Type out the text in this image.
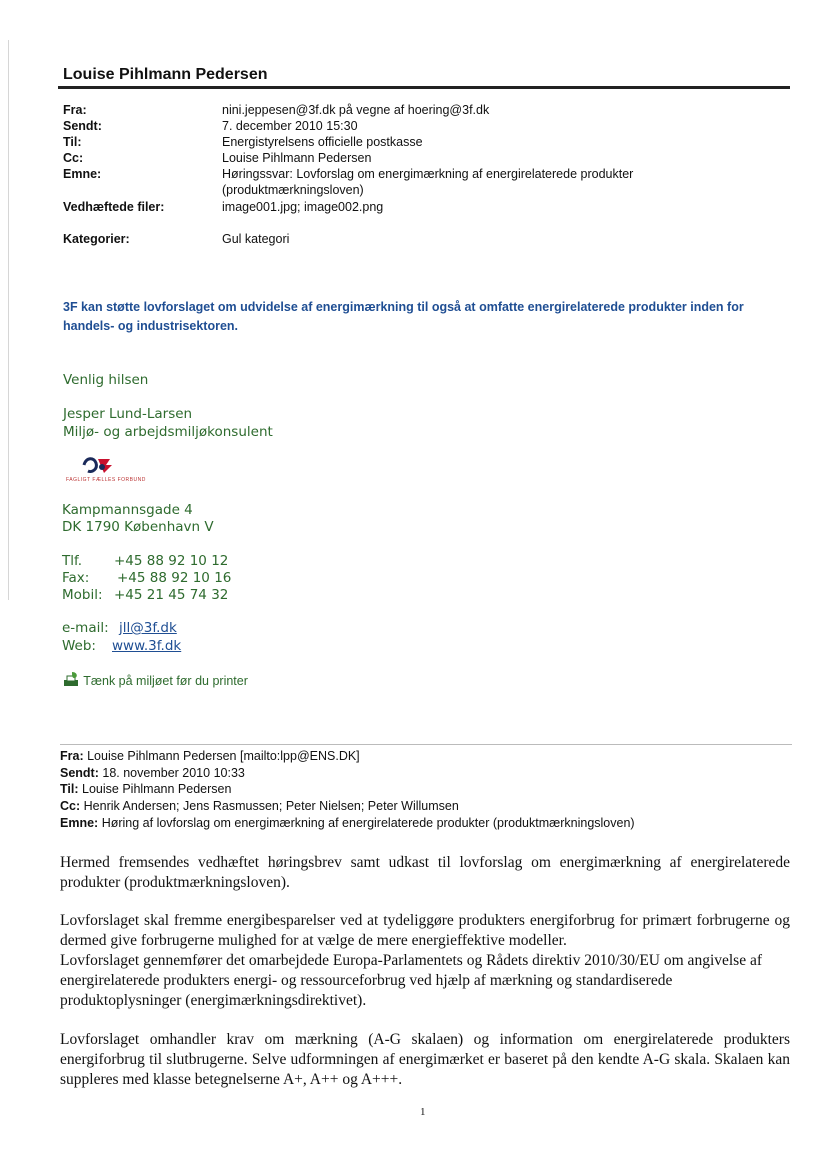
Louise Pihlmann Pedersen
Fra:	nini.jeppesen@3f.dk på vegne af hoering@3f.dk
Sendt:	7. december 2010 15:30
Til:	Energistyrelsens officielle postkasse
Cc:	Louise Pihlmann Pedersen
Emne:	Høringssvar: Lovforslag om energimærkning af energirelaterede produkter
(produktmærkningsloven)
Vedhæftede filer:	image001.jpg; image002.png
Kategorier:	Gul kategori
3F kan støtte lovforslaget om udvidelse af energimærkning til også at omfatte energirelaterede produkter inden for handels- og industrisektoren.
Venlig hilsen
Jesper Lund-Larsen
Miljø- og arbejdsmiljøkonsulent
FAGLIGT FÆLLES FORBUND
Kampmannsgade 4
DK 1790 København V
Tlf. +45 88 92 10 12
Fax: +45 88 92 10 16
Mobil: +45 21 45 74 32
e-mail: jll@3f.dk
Web: www.3f.dk
Tænk på miljøet før du printer
Fra: Louise Pihlmann Pedersen [mailto:lpp@ENS.DK]
Sendt: 18. november 2010 10:33
Til: Louise Pihlmann Pedersen
Cc: Henrik Andersen; Jens Rasmussen; Peter Nielsen; Peter Willumsen
Emne: Høring af lovforslag om energimærkning af energirelaterede produkter (produktmærkningsloven)
Hermed fremsendes vedhæftet høringsbrev samt udkast til lovforslag om energimærkning af energirelaterede produkter (produktmærkningsloven).
Lovforslaget skal fremme energibesparelser ved at tydeliggøre produkters energiforbrug for primært forbrugerne og dermed give forbrugerne mulighed for at vælge de mere energieffektive modeller.
Lovforslaget gennemfører det omarbejdede Europa-Parlamentets og Rådets direktiv 2010/30/EU om angivelse af energirelaterede produkters energi- og ressourceforbrug ved hjælp af mærkning og standardiserede produktoplysninger (energimærkningsdirektivet).
Lovforslaget omhandler krav om mærkning (A-G skalaen) og information om energirelaterede produkters energiforbrug til slutbrugerne. Selve udformningen af energimærket er baseret på den kendte A-G skala. Skalaen kan suppleres med klasse betegnelserne A+, A++ og A+++.
1
